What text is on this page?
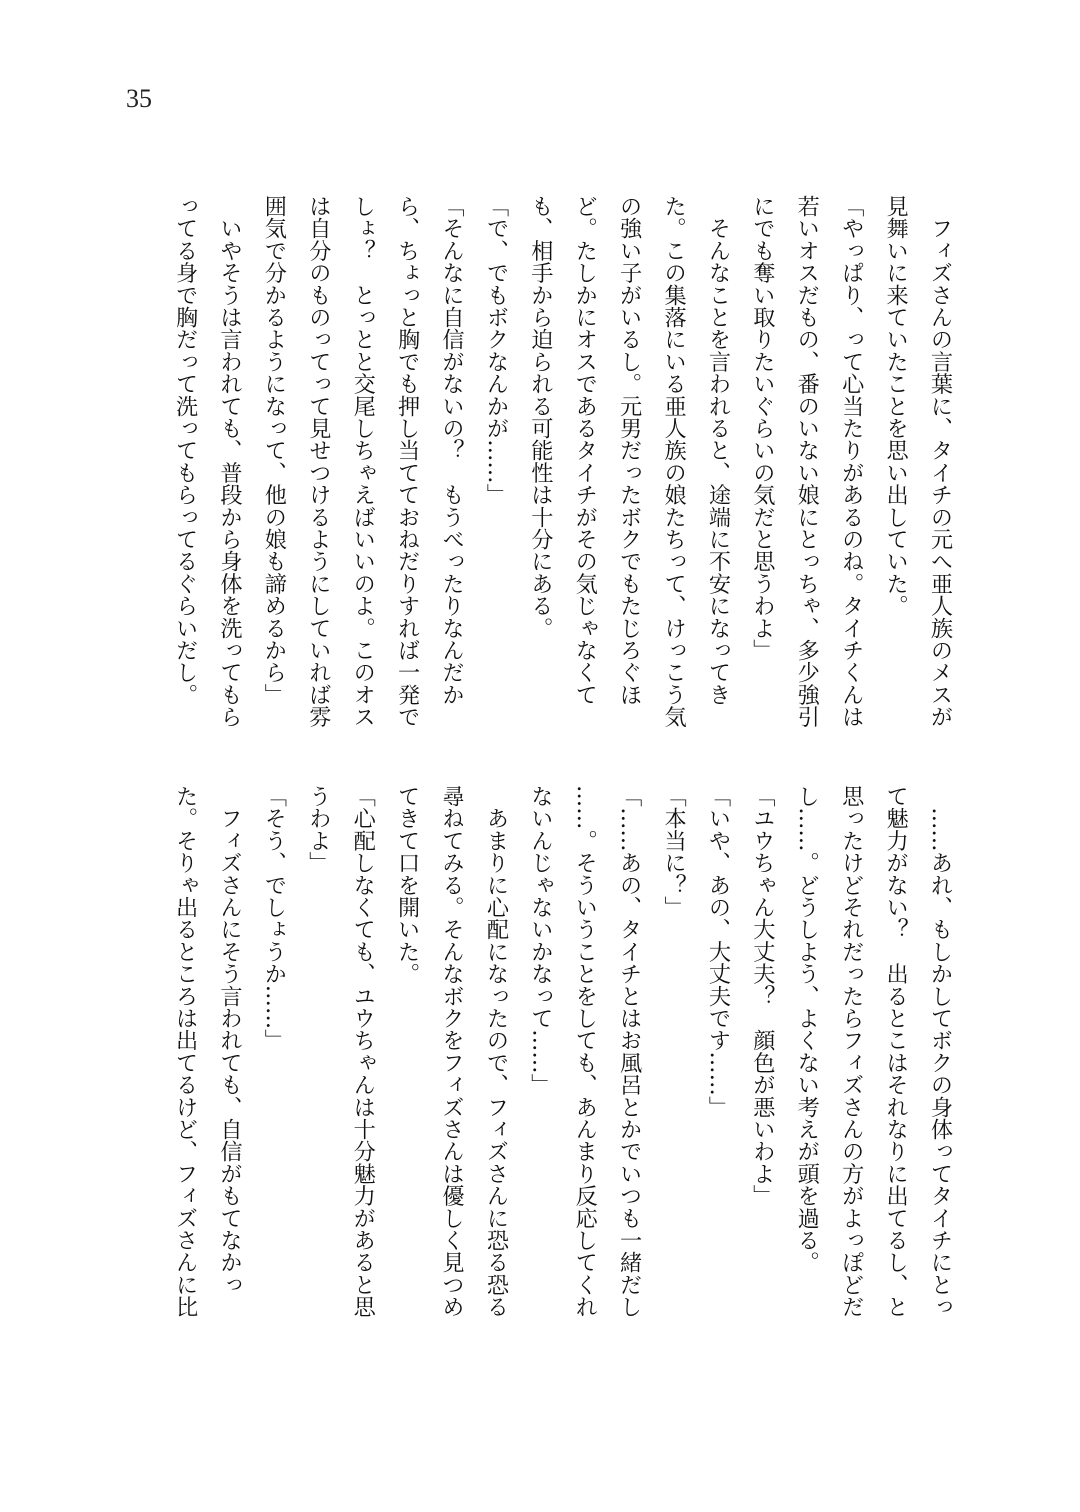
35
　フィズさんの言葉に、タイチの元へ亜人族のメスが
見舞いに来ていたことを思い出していた。
「やっぱり、って心当たりがあるのね。タイチくんは
若いオスだもの、番のいない娘にとっちゃ、多少強引
にでも奪い取りたいぐらいの気だと思うわよ」
　そんなことを言われると、途端に不安になってき
た。この集落にいる亜人族の娘たちって、けっこう気
の強い子がいるし。元男だったボクでもたじろぐほ
ど。たしかにオスであるタイチがその気じゃなくて
も、相手から迫られる可能性は十分にある。
「で、でもボクなんかが……」
「そんなに自信がないの？　もうべったりなんだか
ら、ちょっと胸でも押し当てておねだりすれば一発で
しょ？　とっとと交尾しちゃえばいいのよ。このオス
は自分のものってって見せつけるようにしていれば雰
囲気で分かるようになって、他の娘も諦めるから」
　いやそうは言われても、普段から身体を洗ってもら
ってる身で胸だって洗ってもらってるぐらいだし。
　……あれ、もしかしてボクの身体ってタイチにとっ
て魅力がない？　出るとこはそれなりに出てるし、と
思ったけどそれだったらフィズさんの方がよっぽどだ
し……。どうしよう、よくない考えが頭を過る。
「ユウちゃん大丈夫？　顔色が悪いわよ」
「いや、あの、大丈夫です……」
「本当に？」
「……あの、タイチとはお風呂とかでいつも一緒だし
……。そういうことをしても、あんまり反応してくれ
ないんじゃないかなって……」
　あまりに心配になったので、フィズさんに恐る恐る
尋ねてみる。そんなボクをフィズさんは優しく見つめ
てきて口を開いた。
「心配しなくても、ユウちゃんは十分魅力があると思
うわよ」
「そう、でしょうか……」
　フィズさんにそう言われても、自信がもてなかっ
た。そりゃ出るところは出てるけど、フィズさんに比
